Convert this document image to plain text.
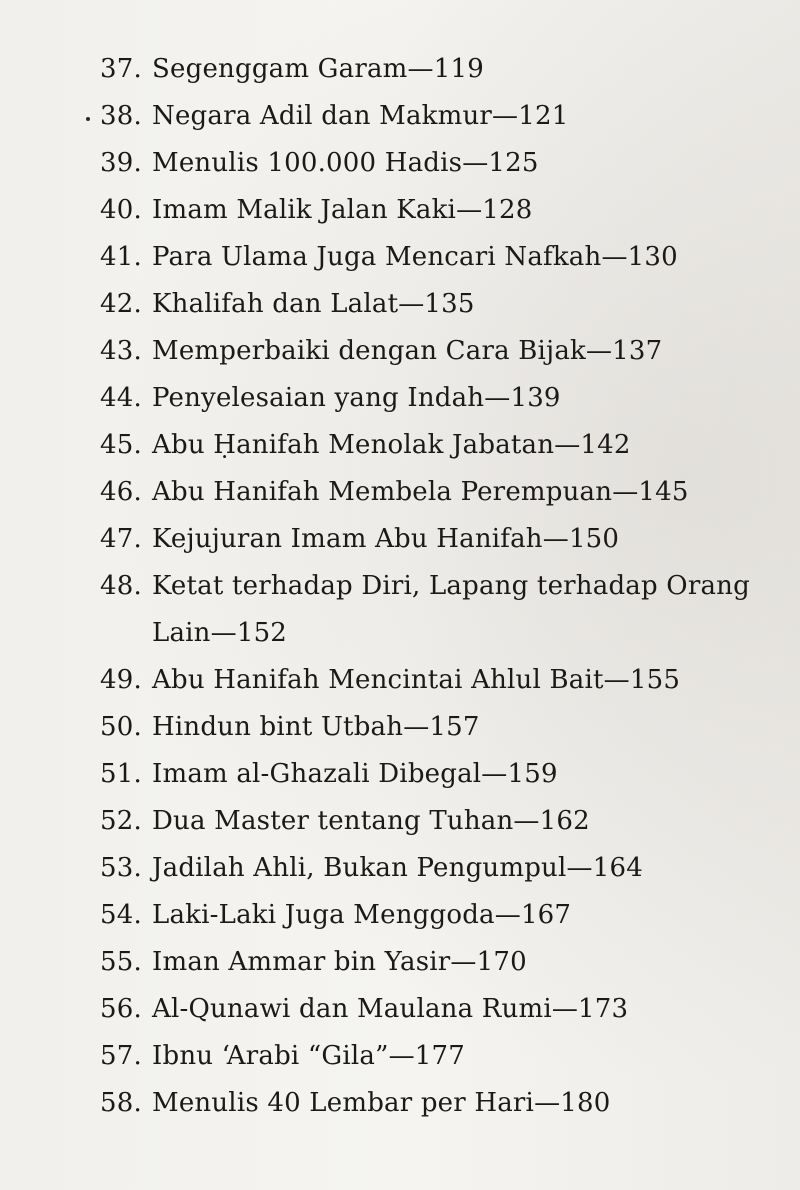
37. Segenggam Garam—119
38. Negara Adil dan Makmur—121
39. Menulis 100.000 Hadis—125
40. Imam Malik Jalan Kaki—128
41. Para Ulama Juga Mencari Nafkah—130
42. Khalifah dan Lalat—135
43. Memperbaiki dengan Cara Bijak—137
44. Penyelesaian yang Indah—139
45. Abu Ḥanifah Menolak Jabatan—142
46. Abu Hanifah Membela Perempuan—145
47. Kejujuran Imam Abu Hanifah—150
48. Ketat terhadap Diri, Lapang terhadap Orang Lain—152
49. Abu Hanifah Mencintai Ahlul Bait—155
50. Hindun bint Utbah—157
51. Imam al-Ghazali Dibegal—159
52. Dua Master tentang Tuhan—162
53. Jadilah Ahli, Bukan Pengumpul—164
54. Laki-Laki Juga Menggoda—167
55. Iman Ammar bin Yasir—170
56. Al-Qunawi dan Maulana Rumi—173
57. Ibnu ‘Arabi “Gila”—177
58. Menulis 40 Lembar per Hari—180
